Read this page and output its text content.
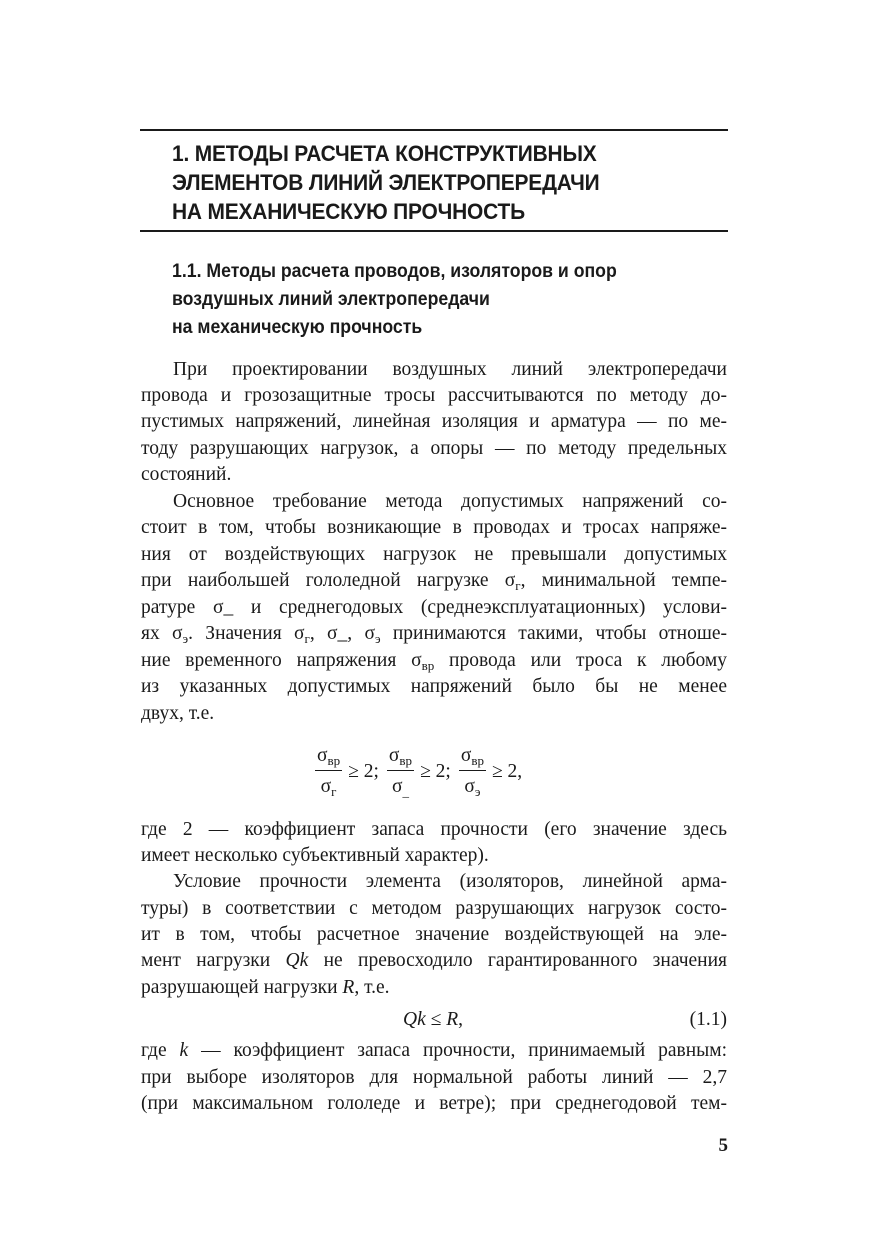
1. МЕТОДЫ РАСЧЕТА КОНСТРУКТИВНЫХ
ЭЛЕМЕНТОВ ЛИНИЙ ЭЛЕКТРОПЕРЕДАЧИ
НА МЕХАНИЧЕСКУЮ ПРОЧНОСТЬ
1.1. Методы расчета проводов, изоляторов и опор
воздушных линий электропередачи
на механическую прочность
При проектировании воздушных линий электропередачи
провода и грозозащитные тросы рассчитываются по методу до-
пустимых напряжений, линейная изоляция и арматура — по ме-
тоду разрушающих нагрузок, а опоры — по методу предельных
состояний.
Основное требование метода допустимых напряжений со-
стоит в том, чтобы возникающие в проводах и тросах напряже-
ния от воздействующих нагрузок не превышали допустимых
при наибольшей гололедной нагрузке $\sigma_г$, минимальной темпе-
ратуре σ_ и среднегодовых (среднеэксплуатационных) услови-
ях $\sigma_э$. Значения $\sigma_г$, σ_, $\sigma_э$ принимаются такими, чтобы отноше-
ние временного напряжения $\sigma_{вр}$ провода или троса к любому
из указанных допустимых напряжений было бы не менее
двух, т.е.
$\frac{\sigma_{вр}}{\sigma_г} \ge 2$; $\frac{\sigma_{вр}}{\sigma_{\_}} \ge 2$; $\frac{\sigma_{вр}}{\sigma_э} \ge 2$,
где 2 — коэффициент запаса прочности (его значение здесь
имеет несколько субъективный характер).
Условие прочности элемента (изоляторов, линейной арма-
туры) в соответствии с методом разрушающих нагрузок состо-
ит в том, чтобы расчетное значение воздействующей на эле-
мент нагрузки Qk не превосходило гарантированного значения
разрушающей нагрузки R, т.е.
Qk ≤ R,	(1.1)
где k — коэффициент запаса прочности, принимаемый равным:
при выборе изоляторов для нормальной работы линий — 2,7
(при максимальном гололеде и ветре); при среднегодовой тем-
5
